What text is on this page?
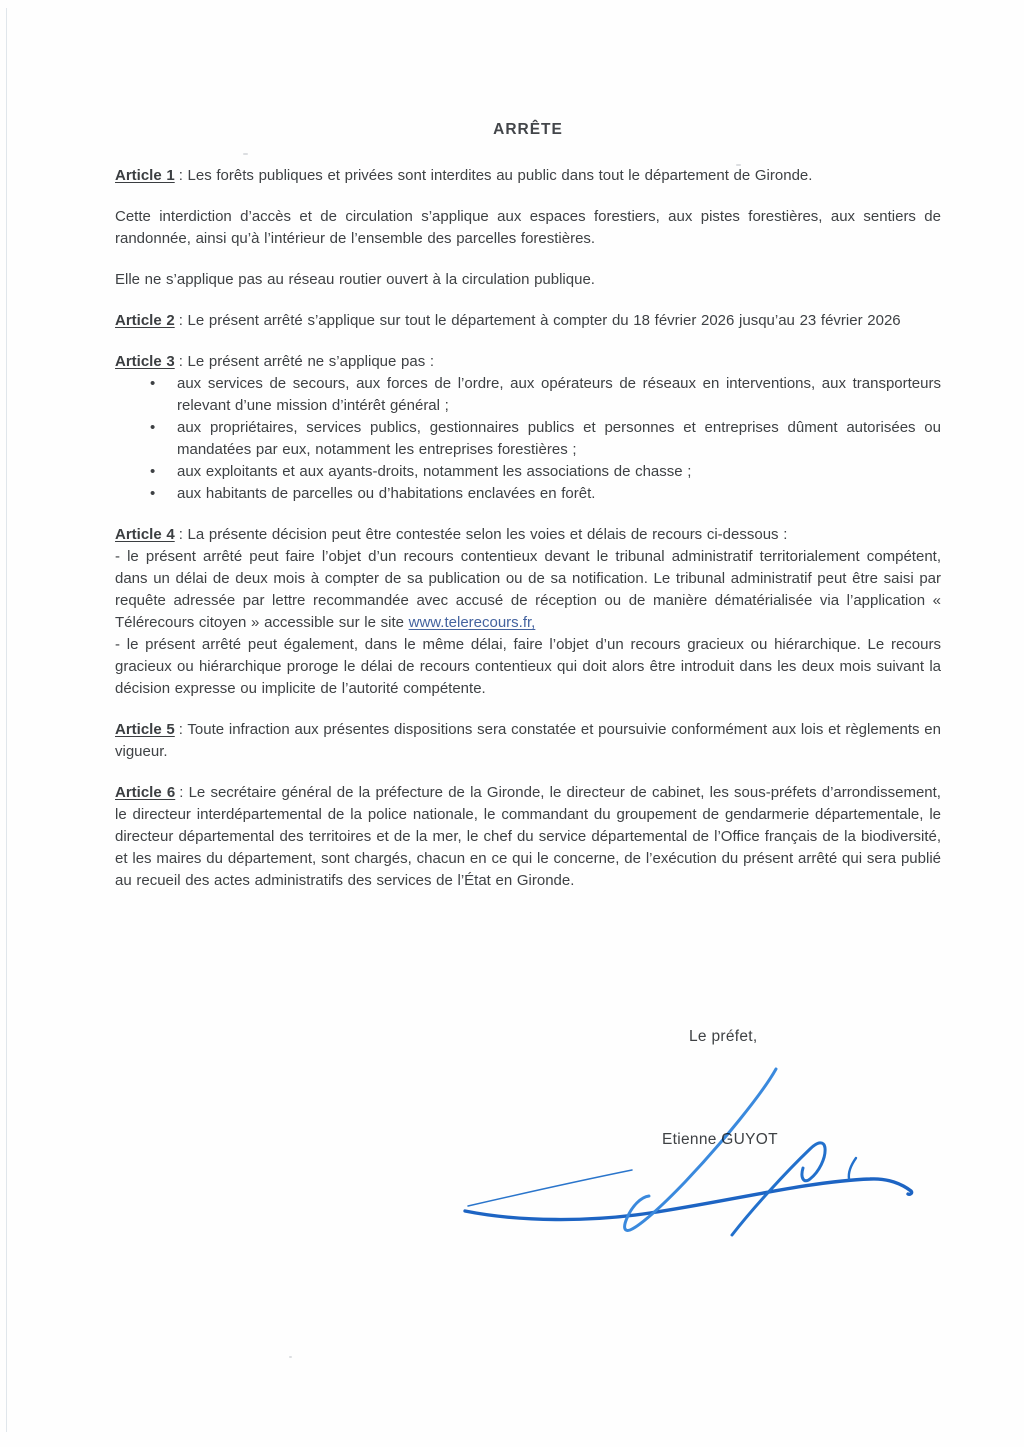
ARRÊTE

Article 1 : Les forêts publiques et privées sont interdites au public dans tout le département de Gironde.

Cette interdiction d’accès et de circulation s’applique aux espaces forestiers, aux pistes forestières, aux sentiers de randonnée, ainsi qu’à l’intérieur de l’ensemble des parcelles forestières.

Elle ne s’applique pas au réseau routier ouvert à la circulation publique.

Article 2 : Le présent arrêté s’applique sur tout le département à compter du 18 février 2026 jusqu’au 23 février 2026

Article 3 : Le présent arrêté ne s’applique pas :

•	aux services de secours, aux forces de l’ordre, aux opérateurs de réseaux en interventions, aux transporteurs relevant d’une mission d’intérêt général ;
•	aux propriétaires, services publics, gestionnaires publics et personnes et entreprises dûment autorisées ou mandatées par eux, notamment les entreprises forestières ;
•	aux exploitants et aux ayants-droits, notamment les associations de chasse ;
•	aux habitants de parcelles ou d’habitations enclavées en forêt.

Article 4 : La présente décision peut être contestée selon les voies et délais de recours ci-dessous :
- le présent arrêté peut faire l’objet d’un recours contentieux devant le tribunal administratif territorialement compétent, dans un délai de deux mois à compter de sa publication ou de sa notification. Le tribunal administratif peut être saisi par requête adressée par lettre recommandée avec accusé de réception ou de manière dématérialisée via l’application « Télérecours citoyen » accessible sur le site www.telerecours.fr,
- le présent arrêté peut également, dans le même délai, faire l’objet d’un recours gracieux ou hiérarchique. Le recours gracieux ou hiérarchique proroge le délai de recours contentieux qui doit alors être introduit dans les deux mois suivant la décision expresse ou implicite de l’autorité compétente.

Article 5 : Toute infraction aux présentes dispositions sera constatée et poursuivie conformément aux lois et règlements en vigueur.

Article 6 : Le secrétaire général de la préfecture de la Gironde, le directeur de cabinet, les sous-préfets d’arrondissement, le directeur interdépartemental de la police nationale, le commandant du groupement de gendarmerie départementale, le directeur départemental des territoires et de la mer, le chef du service départemental de l’Office français de la biodiversité, et les maires du département, sont chargés, chacun en ce qui le concerne, de l’exécution du présent arrêté qui sera publié au recueil des actes administratifs des services de l’État en Gironde.

Le préfet,
Etienne GUYOT
